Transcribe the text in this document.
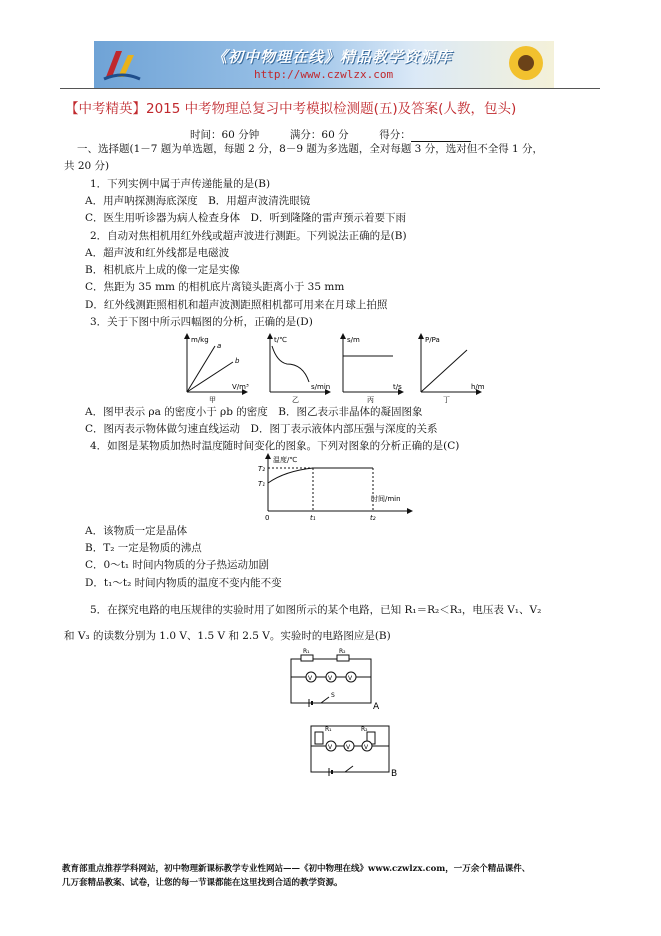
《初中物理在线》精品教学资源库
http://www.czwlzx.com
【中考精英】2015 中考物理总复习中考模拟检测题(五)及答案(人教，包头)
时间：60 分钟	满分：60 分	得分：
一、选择题(1－7 题为单选题，每题 2 分，8－9 题为多选题，全对每题 3 分，选对但不全得 1 分，
共 20 分)
1．下列实例中属于声传递能量的是(B)
A．用声呐探测海底深度　B．用超声波清洗眼镜
C．医生用听诊器为病人检查身体　D．听到隆隆的雷声预示着要下雨
2．自动对焦相机用红外线或超声波进行测距。下列说法正确的是(B)
A．超声波和红外线都是电磁波
B．相机底片上成的像一定是实像
C．焦距为 35 mm 的相机底片离镜头距离小于 35 mm
D．红外线测距照相机和超声波测距照相机都可用来在月球上拍照
3．关于下图中所示四幅图的分析，正确的是(D)
m/kg
V/m³
a
b
甲
t/℃
s/min
乙
s/m
t/s
丙
P/Pa
h/m
丁
A．图甲表示 ρa 的密度小于 ρb 的密度　B．图乙表示非晶体的凝固图象
C．图丙表示物体做匀速直线运动　D．图丁表示液体内部压强与深度的关系
4．如图是某物质加热时温度随时间变化的图象。下列对图象的分析正确的是(C)
温度/℃
时间/min
T₂
T₁
0	t₁	t₂
A．该物质一定是晶体
B．T₂ 一定是物质的沸点
C．0～t₁ 时间内物质的分子热运动加剧
D．t₁～t₂ 时间内物质的温度不变内能不变
5．在探究电路的电压规律的实验时用了如图所示的某个电路，已知 R₁＝R₂＜R₃，电压表 V₁、V₂
和 V₃ 的读数分别为 1.0 V、1.5 V 和 2.5 V。实验时的电路图应是(B)
R₁	R₂
V	V	V
S
A
R₁	R₂
V V V
B
教育部重点推荐学科网站，初中物理新课标教学专业性网站——《初中物理在线》www.czwlzx.com，一万余个精品课件、
几万套精品教案、试卷，让您的每一节课都能在这里找到合适的教学资源。
